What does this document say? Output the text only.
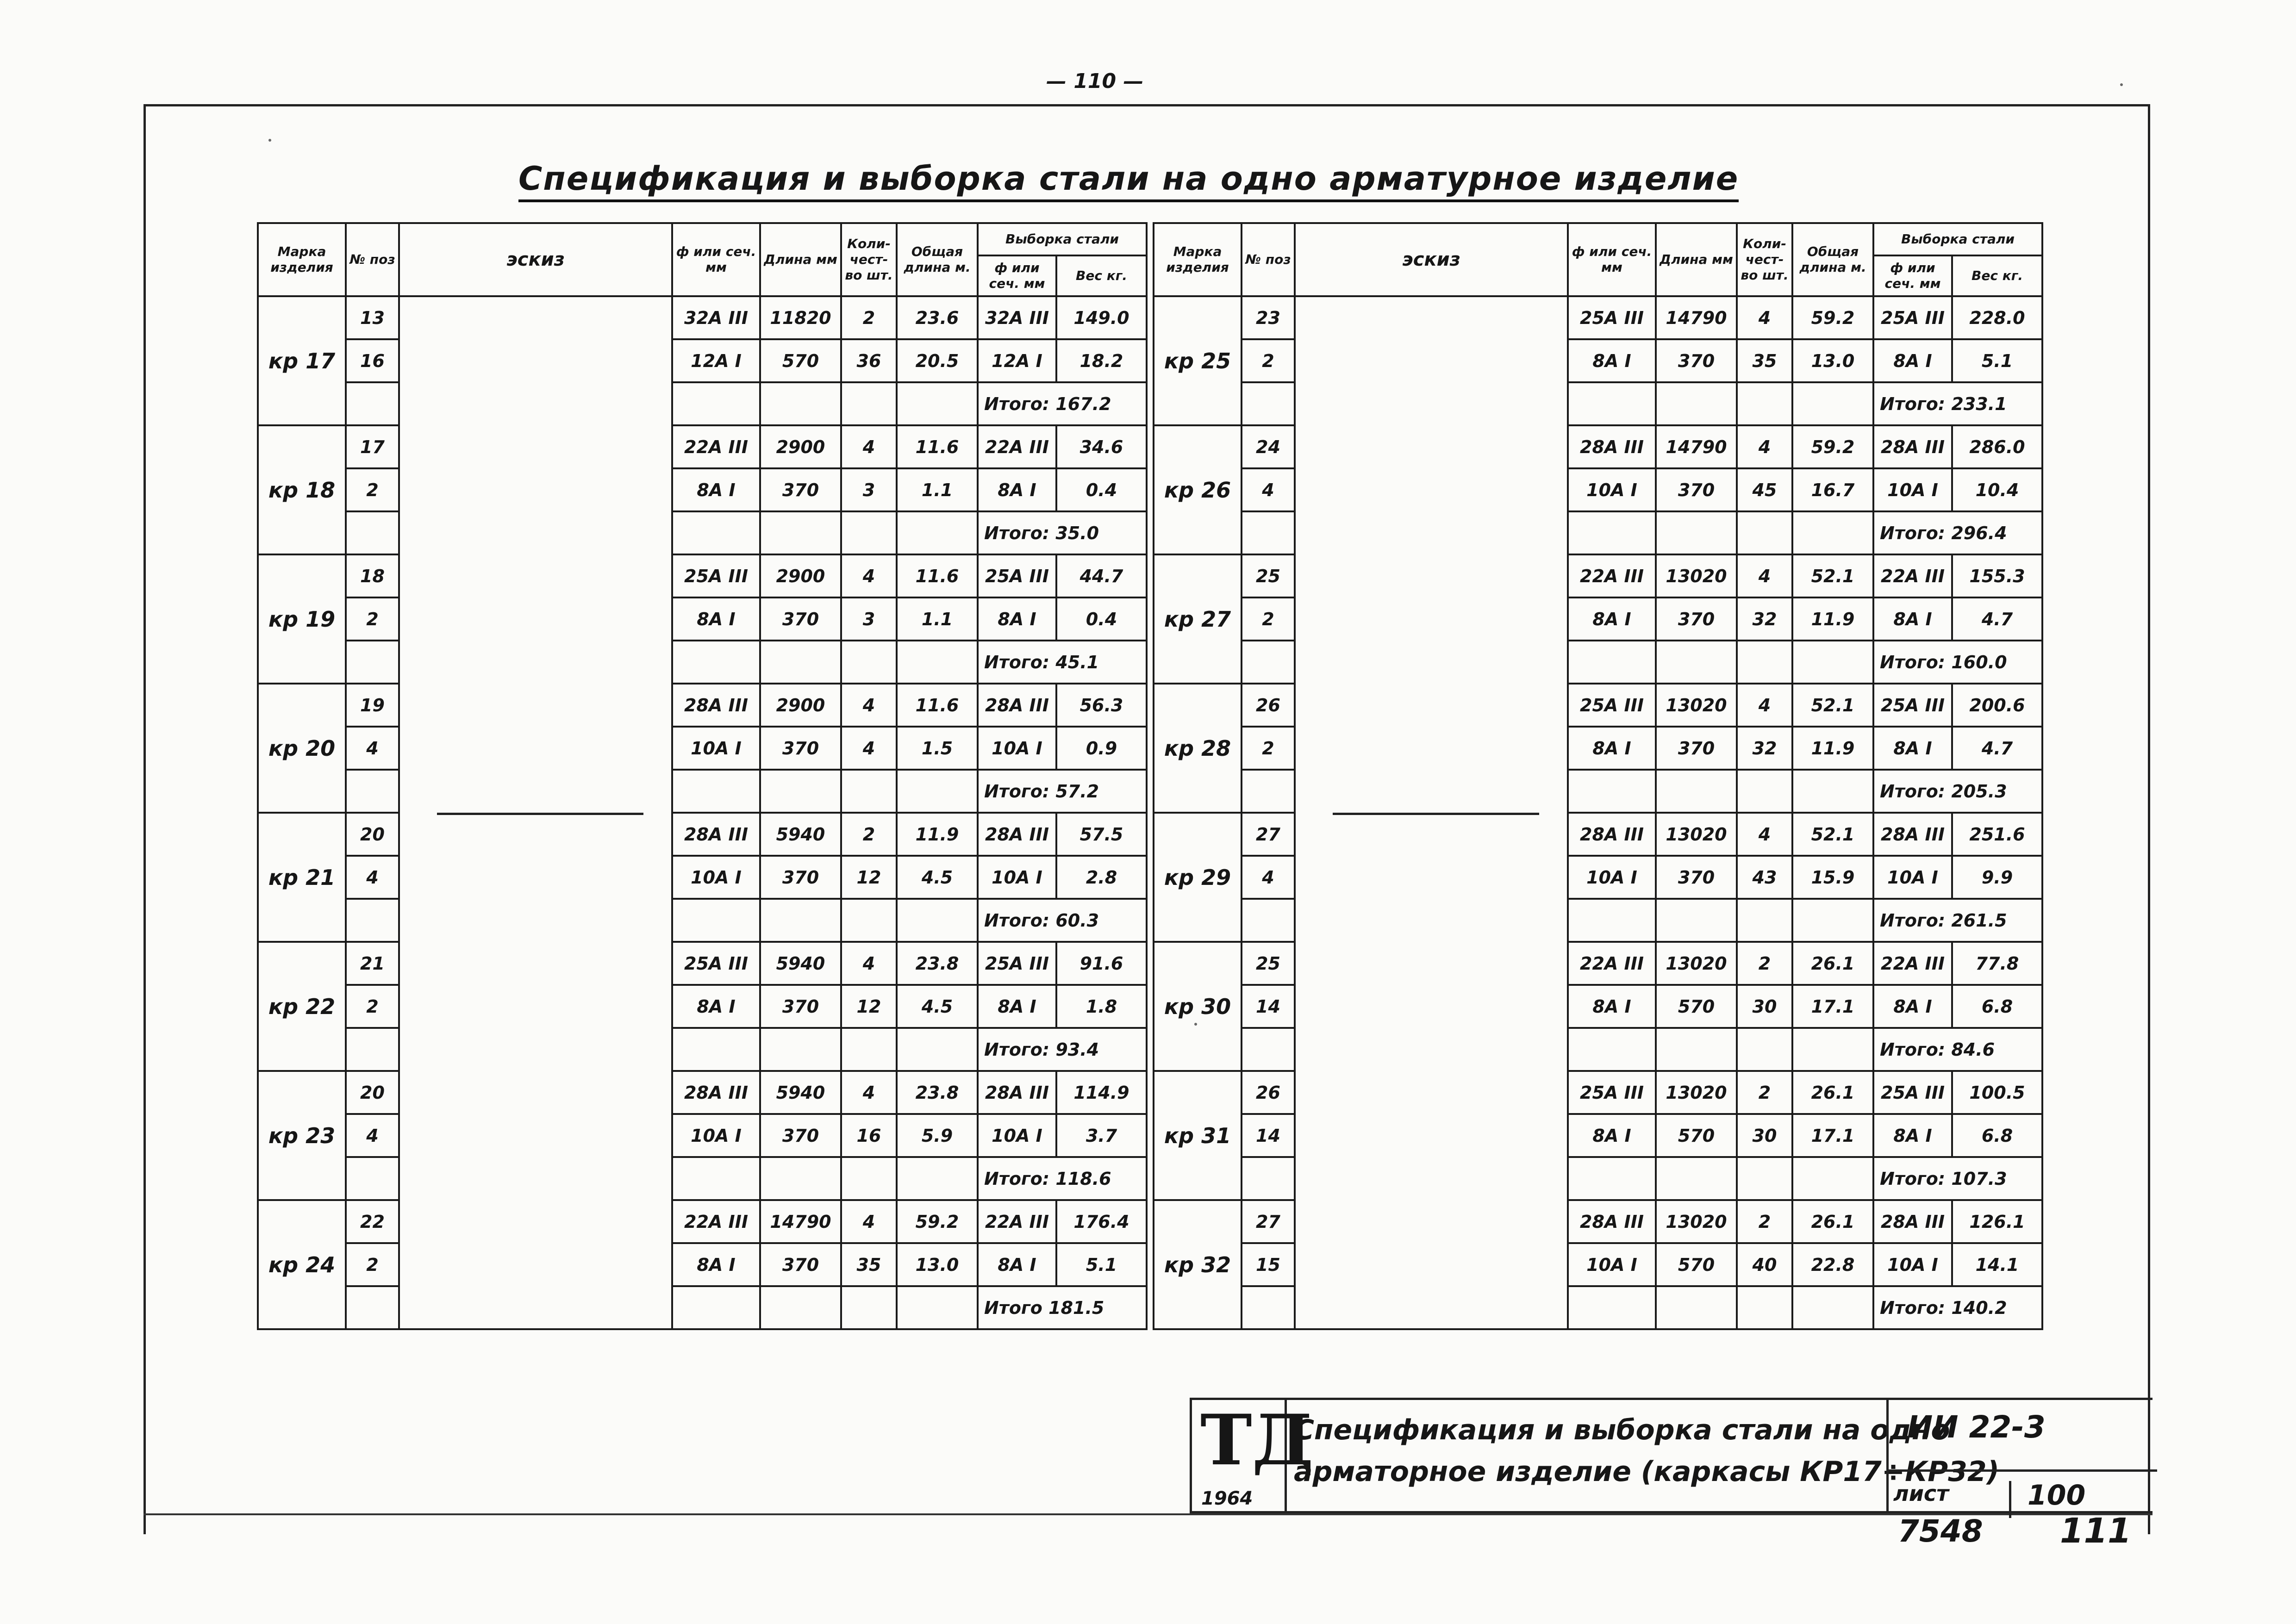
— 110 —
Спецификация и выборка стали на одно арматурное изделие
Марка изделия	№ поз	эскиз	ф или сеч. мм	Длина мм	Коли-чест-во шт.	Общая длина м.	Выборка стали	
							ф или сеч. мм	Вес кг.
кр 17	13		32А III	11820	2	23.6	32А III	149.0
	16		12А I	570	36	20.5	12А I	18.2
							Итого: 167.2	
кр 18	17		22А III	2900	4	11.6	22А III	34.6
	2		8А I	370	3	1.1	8А I	0.4
							Итого: 35.0	
кр 19	18		25А III	2900	4	11.6	25А III	44.7
	2		8А I	370	3	1.1	8А I	0.4
							Итого: 45.1	
кр 20	19		28А III	2900	4	11.6	28А III	56.3
	4		10А I	370	4	1.5	10А I	0.9
							Итого: 57.2	
кр 21	20		28А III	5940	2	11.9	28А III	57.5
	4		10А I	370	12	4.5	10А I	2.8
							Итого: 60.3	
кр 22	21		25А III	5940	4	23.8	25А III	91.6
	2		8А I	370	12	4.5	8А I	1.8
							Итого: 93.4	
кр 23	20		28А III	5940	4	23.8	28А III	114.9
	4		10А I	370	16	5.9	10А I	3.7
							Итого: 118.6	
кр 24	22		22А III	14790	4	59.2	22А III	176.4
	2		8А I	370	35	13.0	8А I	5.1
							Итого 181.5	
Марка изделия	№ поз	эскиз	ф или сеч. мм	Длина мм	Коли-чест-во шт.	Общая длина м.	Выборка стали	
							ф или сеч. мм	Вес кг.
кр 25	23		25А III	14790	4	59.2	25А III	228.0
	2		8А I	370	35	13.0	8А I	5.1
							Итого: 233.1	
кр 26	24		28А III	14790	4	59.2	28А III	286.0
	4		10А I	370	45	16.7	10А I	10.4
							Итого: 296.4	
кр 27	25		22А III	13020	4	52.1	22А III	155.3
	2		8А I	370	32	11.9	8А I	4.7
							Итого: 160.0	
кр 28	26		25А III	13020	4	52.1	25А III	200.6
	2		8А I	370	32	11.9	8А I	4.7
							Итого: 205.3	
кр 29	27		28А III	13020	4	52.1	28А III	251.6
	4		10А I	370	43	15.9	10А I	9.9
							Итого: 261.5	
кр 30	25		22А III	13020	2	26.1	22А III	77.8
	14		8А I	570	30	17.1	8А I	6.8
							Итого: 84.6	
кр 31	26		25А III	13020	2	26.1	25А III	100.5
	14		8А I	570	30	17.1	8А I	6.8
							Итого: 107.3	
кр 32	27		28А III	13020	2	26.1	28А III	126.1
	15		10А I	570	40	22.8	10А I	14.1
							Итого: 140.2	
ТД
1964
Спецификация и выборка стали на одно
арматорное изделие (каркасы КР17÷КР32)
ИИ 22-3
лист	100
7548 111
